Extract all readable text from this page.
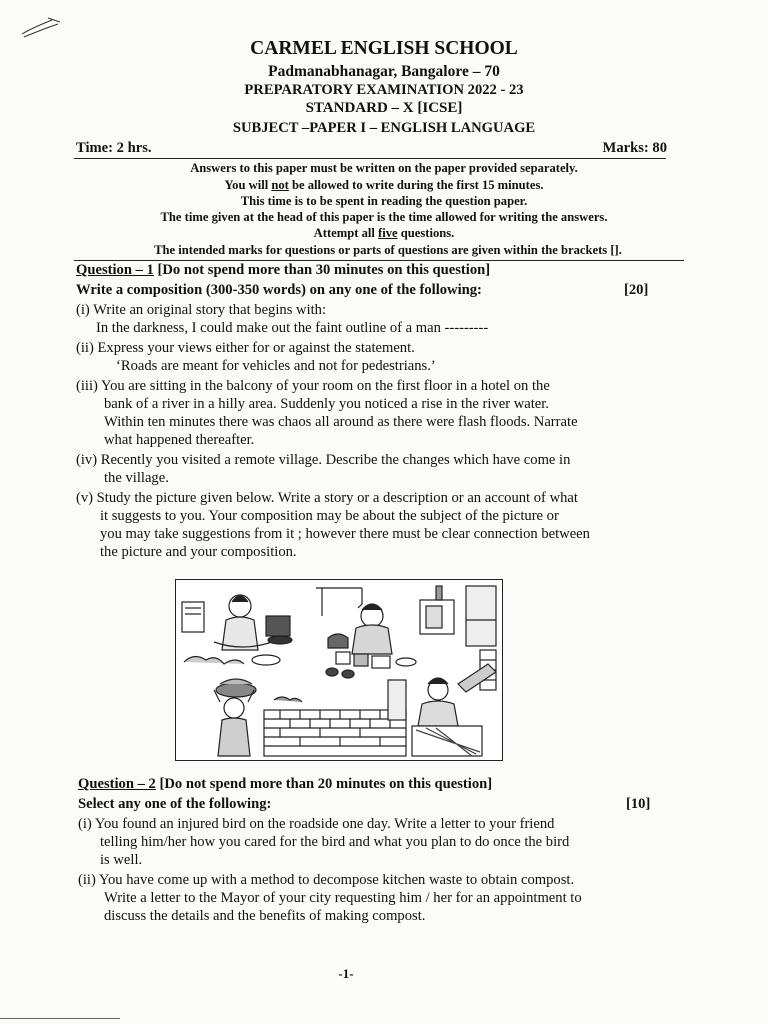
CARMEL ENGLISH SCHOOL
Padmanabhanagar, Bangalore – 70
PREPARATORY EXAMINATION 2022 - 23
STANDARD – X [ICSE]
SUBJECT –PAPER I – ENGLISH LANGUAGE
Time: 2 hrs.	Marks: 80
Answers to this paper must be written on the paper provided separately.
You will not be allowed to write during the first 15 minutes.
This time is to be spent in reading the question paper.
The time given at the head of this paper is the time allowed for writing the answers.
Attempt all five questions.
The intended marks for questions or parts of questions are given within the brackets [].
Question – 1 [Do not spend more than 30 minutes on this question]
Write a composition (300-350 words) on any one of the following:	[20]
(i) Write an original story that begins with:
In the darkness, I could make out the faint outline of a man ---------
(ii) Express your views either for or against the statement.
‘Roads are meant for vehicles and not for pedestrians.’
(iii) You are sitting in the balcony of your room on the first floor in a hotel on the
bank of a river in a hilly area. Suddenly you noticed a rise in the river water.
Within ten minutes there was chaos all around as there were flash floods. Narrate
what happened thereafter.
(iv) Recently you visited a remote village. Describe the changes which have come in
the village.
(v) Study the picture given below. Write a story or a description or an account of what
it suggests to you. Your composition may be about the subject of the picture or
you may take suggestions from it ; however there must be clear connection between
the picture and your composition.
Question – 2 [Do not spend more than 20 minutes on this question]
Select any one of the following:	[10]
(i) You found an injured bird on the roadside one day. Write a letter to your friend
telling him/her how you cared for the bird and what you plan to do once the bird
is well.
(ii) You have come up with a method to decompose kitchen waste to obtain compost.
Write a letter to the Mayor of your city requesting him / her for an appointment to
discuss the details and the benefits of making compost.
-1-
